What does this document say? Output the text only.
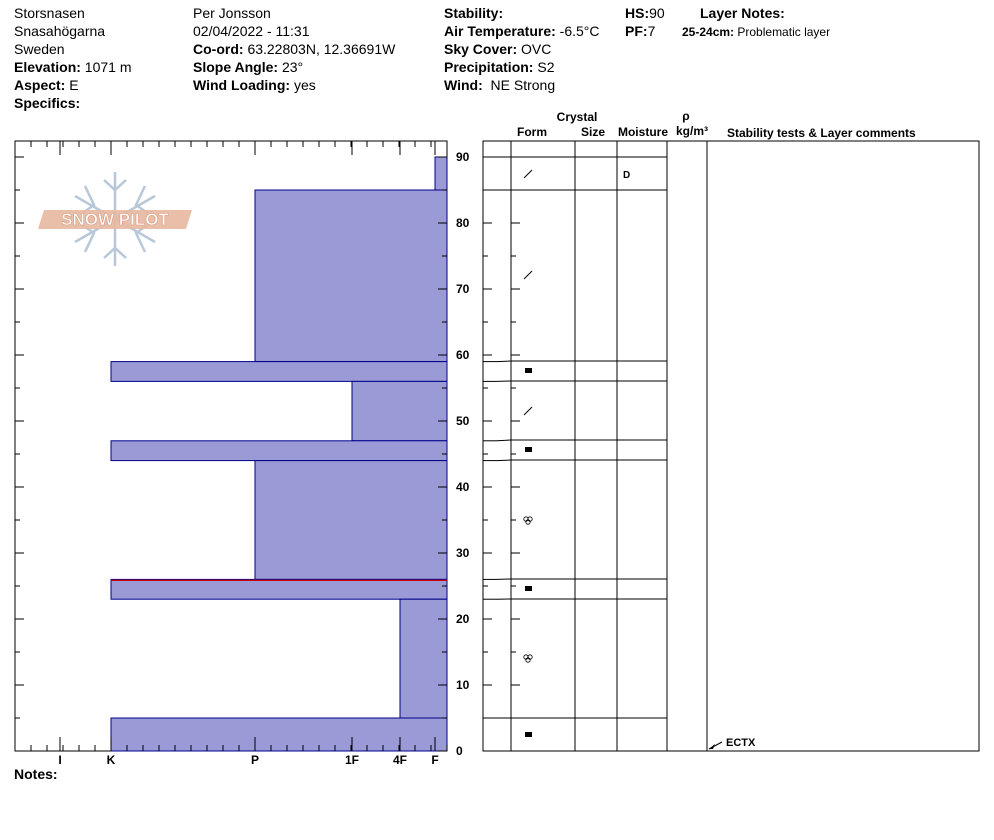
Storsnasen
Snasahögarna
Sweden
Elevation: 1071 m
Aspect: E
Specifics:
Per Jonsson
02/04/2022 - 11:31
Co-ord: 63.22803N, 12.36691W
Slope Angle: 23°
Wind Loading: yes
Stability:
Air Temperature: -6.5°C
Sky Cover: OVC
Precipitation: S2
Wind: NE Strong
HS:90
PF:7
Layer Notes:
25-24cm: Problematic layer
SNOW PILOT
I	K	P	1F	4F F
0
10
20
30
40
50
60
70
80
90
D
Crystal
Form	Size Moisture
ρ
kg/m³ Stability tests & Layer comments
ECTX
Notes:
